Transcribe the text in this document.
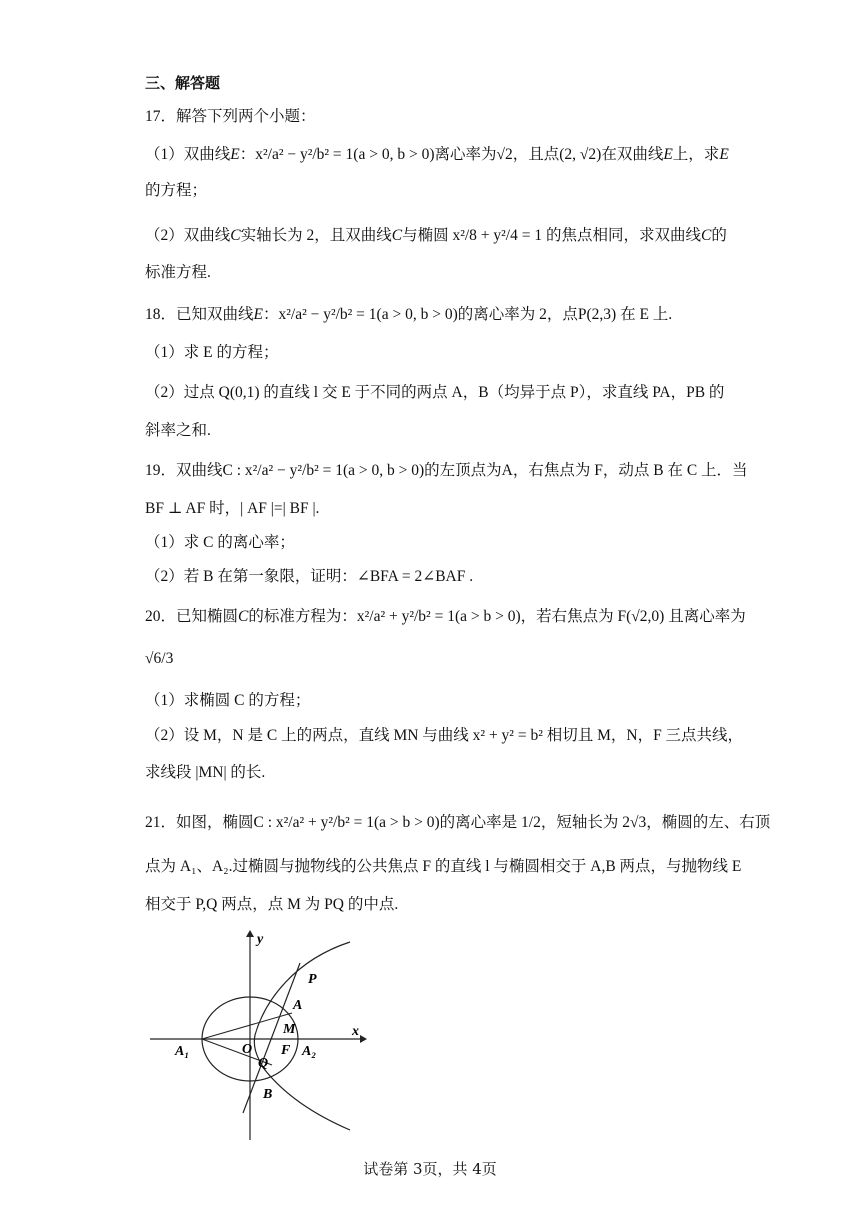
三、解答题
17．解答下列两个小题：
（1）双曲线E：x²/a² − y²/b² = 1(a > 0, b > 0)离心率为√2，且点(2, √2)在双曲线E上，求E
的方程；
（2）双曲线C实轴长为 2，且双曲线C与椭圆 x²/8 + y²/4 = 1 的焦点相同，求双曲线C的
标准方程.
18．已知双曲线E：x²/a² − y²/b² = 1(a > 0, b > 0)的离心率为 2，点P(2,3) 在 E 上.
（1）求 E 的方程；
（2）过点 Q(0,1) 的直线 l 交 E 于不同的两点 A，B（均异于点 P），求直线 PA，PB 的
斜率之和.
19．双曲线C : x²/a² − y²/b² = 1(a > 0, b > 0)的左顶点为A，右焦点为 F，动点 B 在 C 上．当
BF ⊥ AF 时，| AF |=| BF |.
（1）求 C 的离心率；
（2）若 B 在第一象限，证明：∠BFA = 2∠BAF .
20．已知椭圆C的标准方程为：x²/a² + y²/b² = 1(a > b > 0)，若右焦点为 F(√2,0) 且离心率为
√6/3
（1）求椭圆 C 的方程；
（2）设 M，N 是 C 上的两点，直线 MN 与曲线 x² + y² = b² 相切且 M，N，F 三点共线，
求线段 |MN| 的长.
21．如图，椭圆C : x²/a² + y²/b² = 1(a > b > 0)的离心率是 1/2，短轴长为 2√3，椭圆的左、右顶
点为 A₁、A₂.过椭圆与抛物线的公共焦点 F 的直线 l 与椭圆相交于 A,B 两点，与抛物线 E
相交于 P,Q 两点，点 M 为 PQ 的中点.
y
x
P
A
M
A₁	O F A₂
Q
B
试卷第 3页，共 4页
